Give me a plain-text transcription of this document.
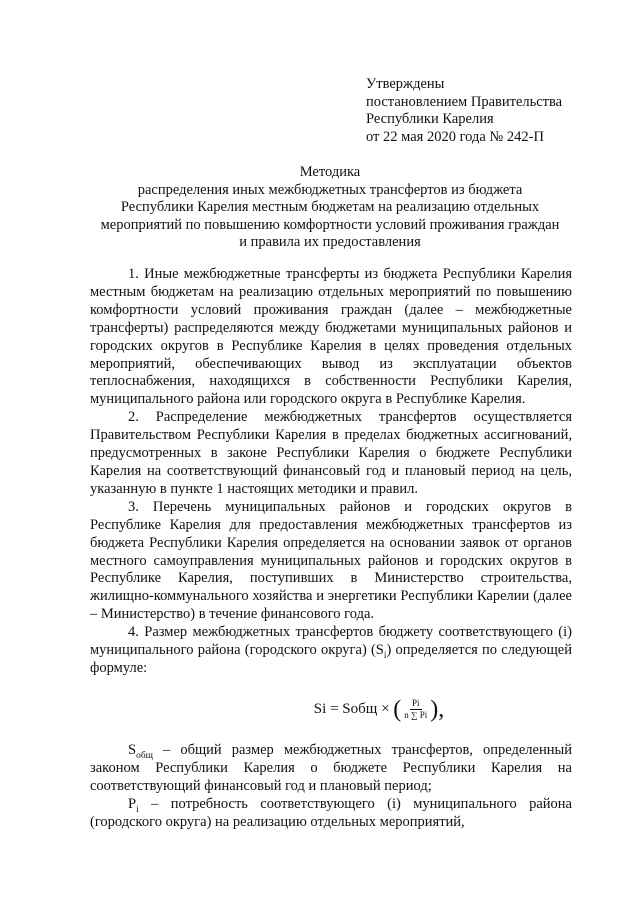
Утверждены
постановлением Правительства
Республики Карелия
от 22 мая 2020 года № 242-П
Методика
распределения иных межбюджетных трансфертов из бюджета
Республики Карелия местным бюджетам на реализацию отдельных
мероприятий по повышению комфортности условий проживания граждан
и правила их предоставления

1. Иные межбюджетные трансферты из бюджета Республики Карелия местным бюджетам на реализацию отдельных мероприятий по повышению комфортности условий проживания граждан (далее – межбюджетные трансферты) распределяются между бюджетами муниципальных районов и городских округов в Республике Карелия в целях проведения отдельных мероприятий, обеспечивающих вывод из эксплуатации объектов теплоснабжения, находящихся в собственности Республики Карелия, муниципального района или городского округа в Республике Карелия.

2. Распределение межбюджетных трансфертов осуществляется Правительством Республики Карелия в пределах бюджетных ассигнований, предусмотренных в законе Республики Карелия о бюджете Республики Карелия на соответствующий финансовый год и плановый период на цель, указанную в пункте 1 настоящих методики и правил.

3. Перечень муниципальных районов и городских округов в Республике Карелия для предоставления межбюджетных трансфертов из бюджета Республики Карелия определяется на основании заявок от органов местного самоуправления муниципальных районов и городских округов в Республике Карелия, поступивших в Министерство строительства, жилищно-коммунального хозяйства и энергетики Республики Карелии (далее – Министерство) в течение финансового года.

4. Размер межбюджетных трансфертов бюджету соответствующего (i) муниципального района (городского округа) $(S_i)$ определяется по следующей формуле:

Si = Sобщ × ( $\frac{Pi}{n \sum Pi}$ ),

$S_{общ}$ – общий размер межбюджетных трансфертов, определенный законом Республики Карелия о бюджете Республики Карелия на соответствующий финансовый год и плановый период;

$P_i$ – потребность соответствующего (i) муниципального района (городского округа) на реализацию отдельных мероприятий,
